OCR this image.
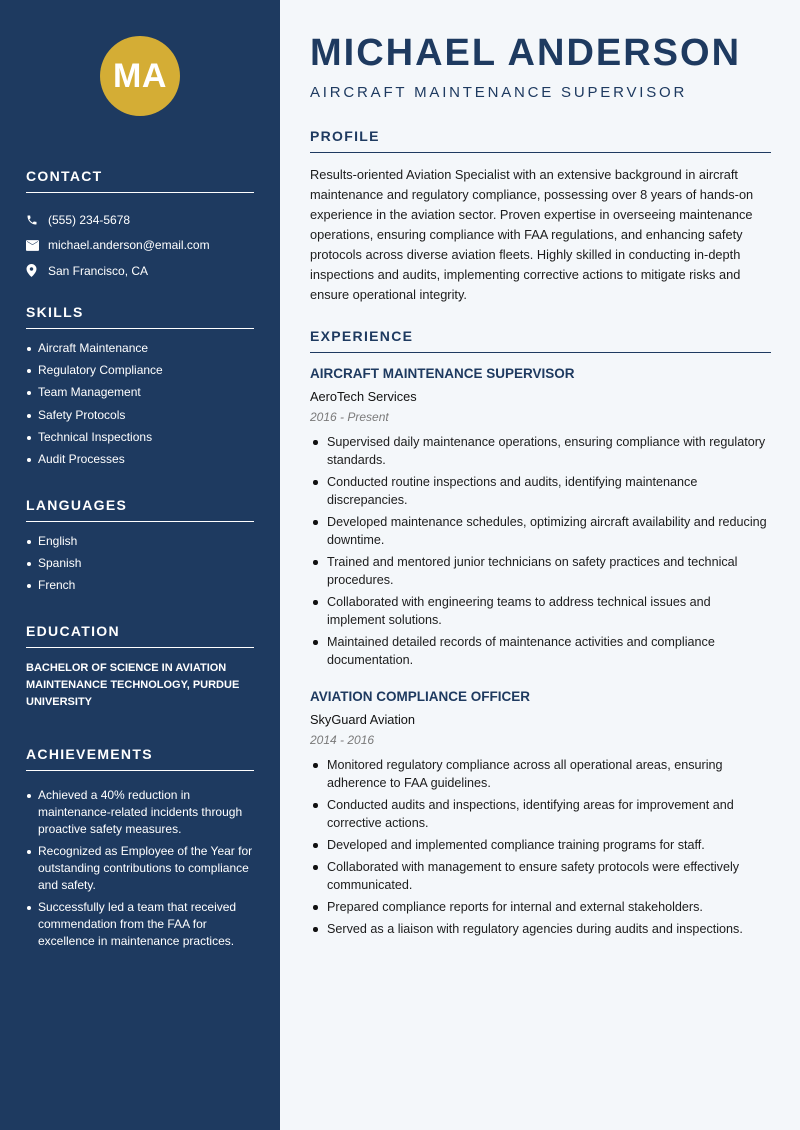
MA
CONTACT
(555) 234-5678
michael.anderson@email.com
San Francisco, CA
SKILLS
Aircraft Maintenance
Regulatory Compliance
Team Management
Safety Protocols
Technical Inspections
Audit Processes
LANGUAGES
English
Spanish
French
EDUCATION

BACHELOR OF SCIENCE IN AVIATION MAINTENANCE TECHNOLOGY, PURDUE UNIVERSITY

ACHIEVEMENTS
Achieved a 40% reduction in maintenance-related incidents through proactive safety measures.
Recognized as Employee of the Year for outstanding contributions to compliance and safety.
Successfully led a team that received commendation from the FAA for excellence in maintenance practices.
MICHAEL ANDERSON
AIRCRAFT MAINTENANCE SUPERVISOR
PROFILE

Results-oriented Aviation Specialist with an extensive background in aircraft maintenance and regulatory compliance, possessing over 8 years of hands-on experience in the aviation sector. Proven expertise in overseeing maintenance operations, ensuring compliance with FAA regulations, and enhancing safety protocols across diverse aviation fleets. Highly skilled in conducting in-depth inspections and audits, implementing corrective actions to mitigate risks and ensure operational integrity.

EXPERIENCE
AIRCRAFT MAINTENANCE SUPERVISOR
AeroTech Services
2016 - Present
Supervised daily maintenance operations, ensuring compliance with regulatory standards.
Conducted routine inspections and audits, identifying maintenance discrepancies.
Developed maintenance schedules, optimizing aircraft availability and reducing downtime.
Trained and mentored junior technicians on safety practices and technical procedures.
Collaborated with engineering teams to address technical issues and implement solutions.
Maintained detailed records of maintenance activities and compliance documentation.
AVIATION COMPLIANCE OFFICER
SkyGuard Aviation
2014 - 2016
Monitored regulatory compliance across all operational areas, ensuring adherence to FAA guidelines.
Conducted audits and inspections, identifying areas for improvement and corrective actions.
Developed and implemented compliance training programs for staff.
Collaborated with management to ensure safety protocols were effectively communicated.
Prepared compliance reports for internal and external stakeholders.
Served as a liaison with regulatory agencies during audits and inspections.
